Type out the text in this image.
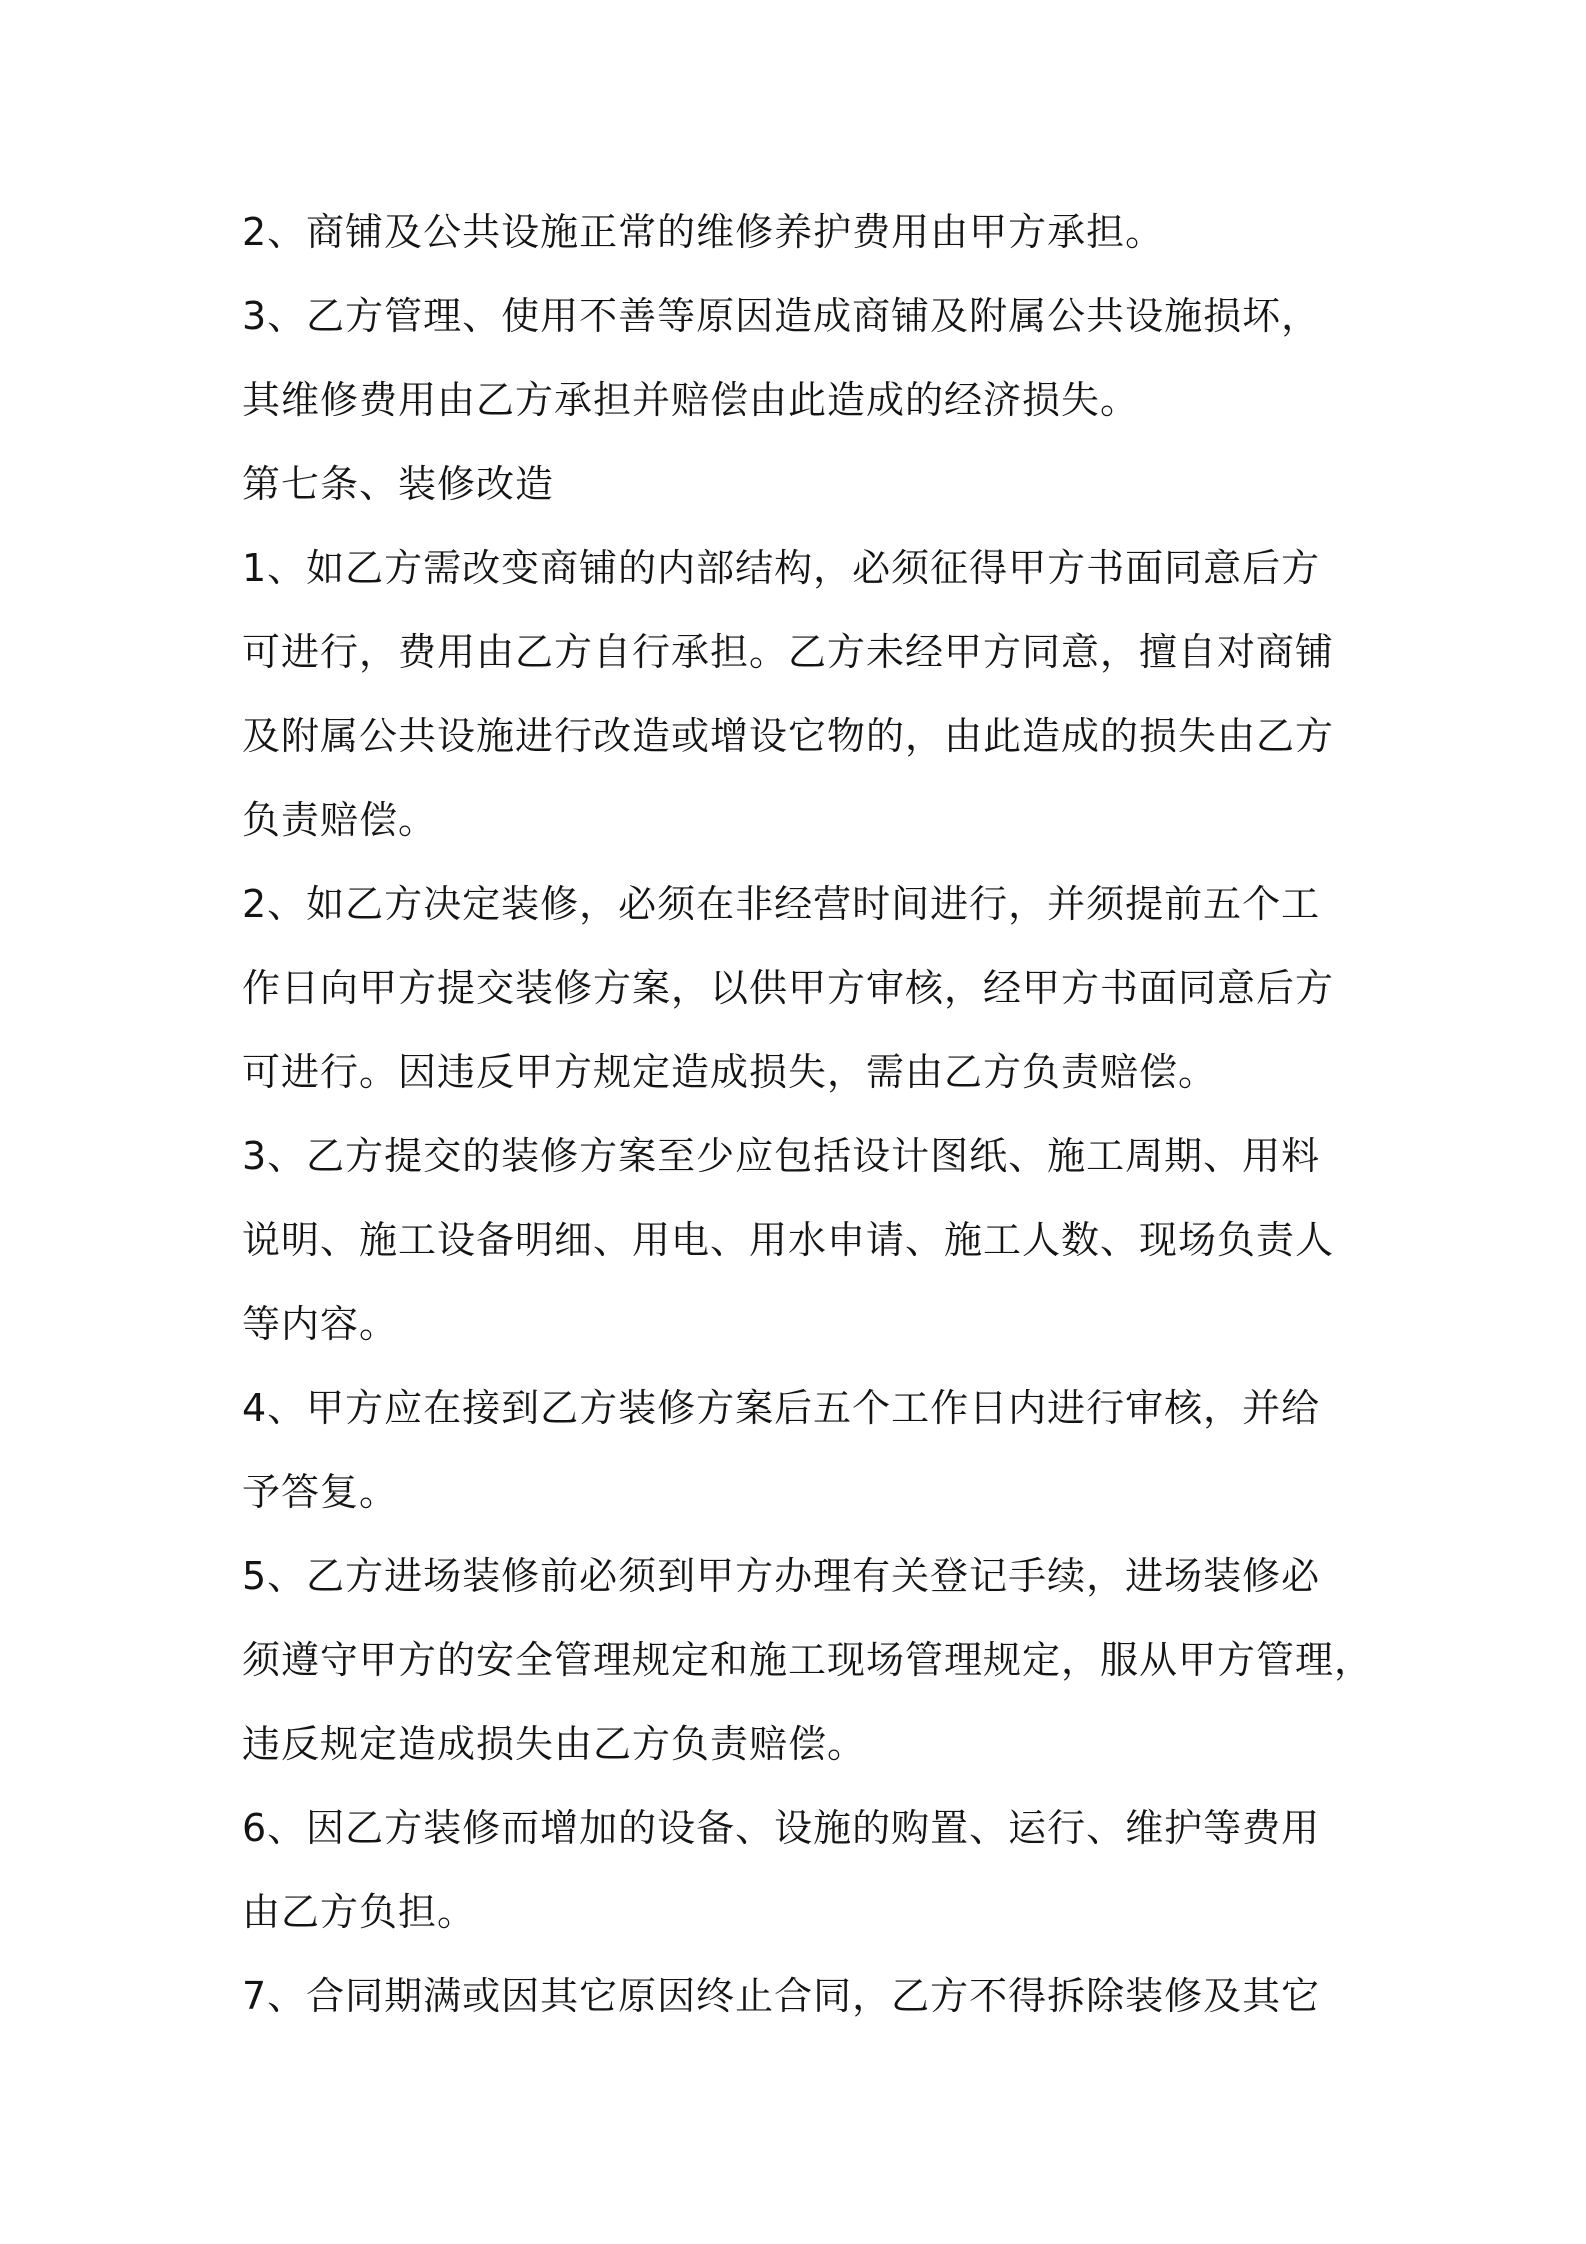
2、商铺及公共设施正常的维修养护费用由甲方承担。

3、乙方管理、使用不善等原因造成商铺及附属公共设施损坏，

其维修费用由乙方承担并赔偿由此造成的经济损失。

第七条、装修改造

1、如乙方需改变商铺的内部结构，必须征得甲方书面同意后方

可进行，费用由乙方自行承担。乙方未经甲方同意，擅自对商铺

及附属公共设施进行改造或增设它物的，由此造成的损失由乙方

负责赔偿。

2、如乙方决定装修，必须在非经营时间进行，并须提前五个工

作日向甲方提交装修方案，以供甲方审核，经甲方书面同意后方

可进行。因违反甲方规定造成损失，需由乙方负责赔偿。

3、乙方提交的装修方案至少应包括设计图纸、施工周期、用料

说明、施工设备明细、用电、用水申请、施工人数、现场负责人

等内容。

4、甲方应在接到乙方装修方案后五个工作日内进行审核，并给

予答复。

5、乙方进场装修前必须到甲方办理有关登记手续，进场装修必

须遵守甲方的安全管理规定和施工现场管理规定，服从甲方管理，

违反规定造成损失由乙方负责赔偿。

6、因乙方装修而增加的设备、设施的购置、运行、维护等费用

由乙方负担。

7、合同期满或因其它原因终止合同，乙方不得拆除装修及其它
